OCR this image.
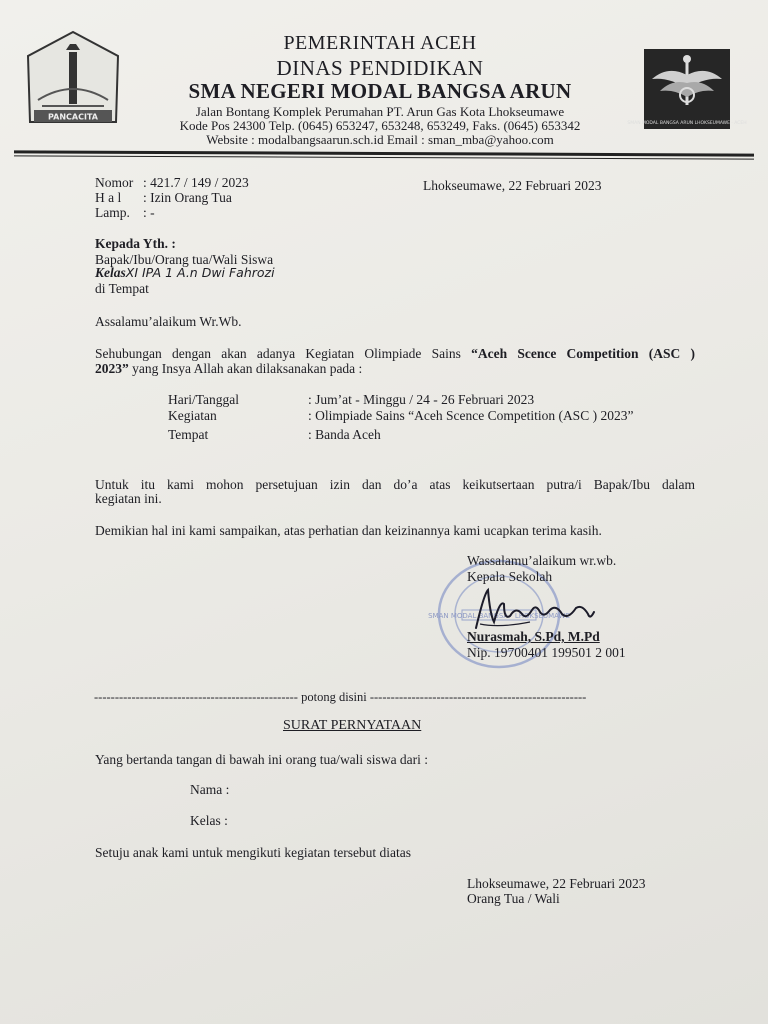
PANCACITA
SMAN MODAL BANGSA ARUN LHOKSEUMAWE · ACEH
PEMERINTAH ACEH
DINAS PENDIDIKAN
SMA NEGERI MODAL BANGSA ARUN
Jalan Bontang Komplek Perumahan PT. Arun Gas Kota Lhokseumawe
Kode Pos 24300 Telp. (0645) 653247, 653248, 653249, Faks. (0645) 653342
Website : modalbangsaarun.sch.id Email : sman_mba@yahoo.com
Nomor : 421.7 / 149 / 2023
H a l : Izin Orang Tua
Lamp. : -
Lhokseumawe, 22 Februari 2023
Kepada Yth. :
Bapak/Ibu/Orang tua/Wali Siswa
KelasXI IPA 1 A.n Dwi Fahrozi
di Tempat
Assalamu’alaikum Wr.Wb.
Sehubungan dengan akan adanya Kegiatan Olimpiade Sains “Aceh Scence Competition (ASC )
2023” yang Insya Allah akan dilaksanakan pada :
Hari/Tanggal	: Jum’at - Minggu / 24 - 26 Februari 2023
Kegiatan	: Olimpiade Sains “Aceh Scence Competition (ASC ) 2023”
Tempat	: Banda Aceh
Untuk itu kami mohon persetujuan izin dan do’a atas keikutsertaan putra/i Bapak/Ibu dalam
kegiatan ini.
Demikian hal ini kami sampaikan, atas perhatian dan keizinannya kami ucapkan terima kasih.
SMAN MODAL BANGSA · LHOKSEUMAWE
Wassalamu’alaikum wr.wb.
Kepala Sekolah
Nurasmah, S.Pd, M.Pd
Nip. 19700401 199501 2 001
------------------------------------------------- potong disini ----------------------------------------------------
SURAT PERNYATAAN
Yang bertanda tangan di bawah ini orang tua/wali siswa dari :
Nama :
Kelas :
Setuju anak kami untuk mengikuti kegiatan tersebut diatas
Lhokseumawe, 22 Februari 2023
Orang Tua / Wali
